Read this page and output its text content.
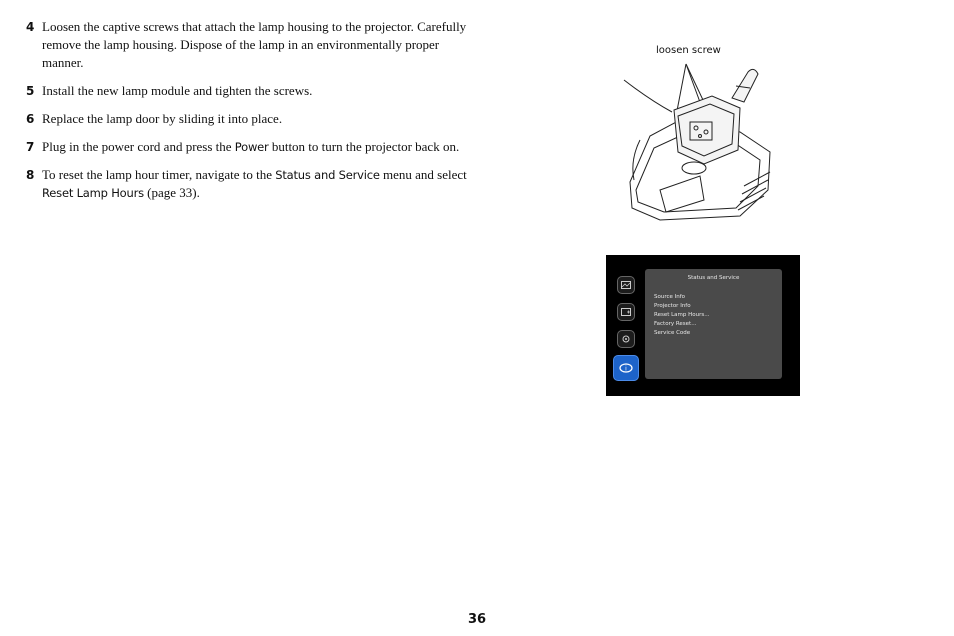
4 Loosen the captive screws that attach the lamp housing to the projector. Carefully remove the lamp housing. Dispose of the lamp in an environmentally proper manner.
5 Install the new lamp module and tighten the screws.
6 Replace the lamp door by sliding it into place.
7 Plug in the power cord and press the Power button to turn the projector back on.
8 To reset the lamp hour timer, navigate to the Status and Service menu and select Reset Lamp Hours (page 33).
loosen screw
i
Status and Service
Source Info
Projector Info
Reset Lamp Hours...
Factory Reset...
Service Code
36
